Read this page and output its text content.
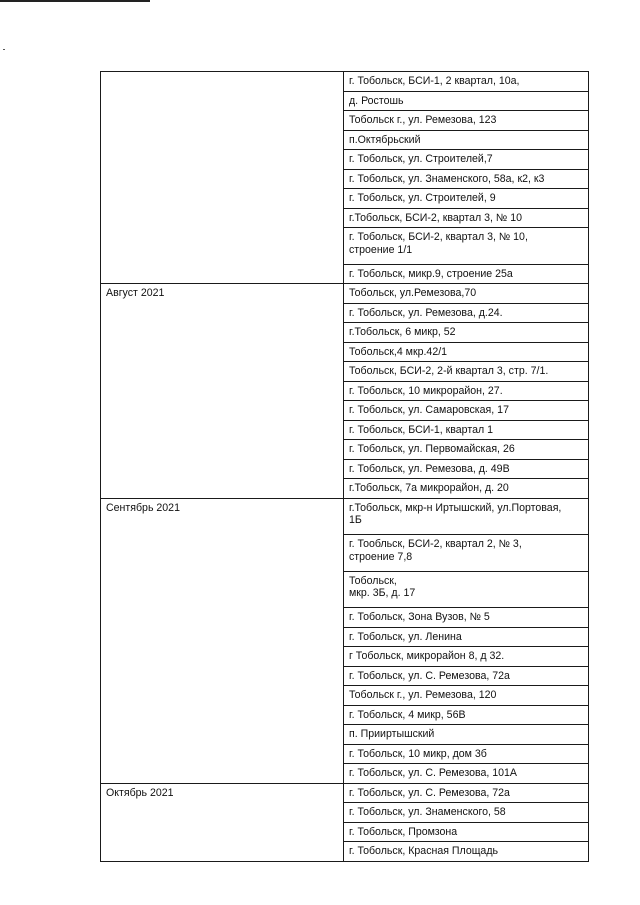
	г. Тобольск, БСИ-1, 2 квартал, 10а,
	д. Ростошь
	Тобольск г., ул. Ремезова, 123
	п.Октябрьский
	г. Тобольск, ул. Строителей,7
	г. Тобольск, ул. Знаменского, 58а, к2, к3
	г. Тобольск, ул. Строителей, 9
	г.Тобольск, БСИ-2, квартал 3, № 10
	г. Тобольск, БСИ-2, квартал 3, № 10,
строение 1/1
	г. Тобольск, микр.9, строение 25а
Август 2021	Тобольск, ул.Ремезова,70
	г. Тобольск, ул. Ремезова, д.24.
	г.Тобольск, 6 микр, 52
	Тобольск,4 мкр.42/1
	Тобольск, БСИ-2, 2-й квартал 3, стр. 7/1.
	г. Тобольск, 10 микрорайон, 27.
	г. Тобольск, ул. Самаровская, 17
	г. Тобольск, БСИ-1, квартал 1
	г. Тобольск, ул. Первомайская, 26
	г. Тобольск, ул. Ремезова, д. 49В
	г.Тобольск, 7а микрорайон, д. 20
Сентябрь 2021	г.Тобольск, мкр-н Иртышский, ул.Портовая,
1Б
	г. Тообльск, БСИ-2, квартал 2, № 3,
строение 7,8
	Тобольск,
мкр. 3Б, д. 17
	г. Тобольск, Зона Вузов, № 5
	г. Тобольск, ул. Ленина
	г Тобольск, микрорайон 8, д 32.
	г. Тобольск, ул. С. Ремезова, 72а
	Тобольск г., ул. Ремезова, 120
	г. Тобольск, 4 микр, 56В
	п. Прииртышский
	г. Тобольск, 10 микр, дом 3б
	г. Тобольск, ул. С. Ремезова, 101А
Октябрь 2021	г. Тобольск, ул. С. Ремезова, 72а
	г. Тобольск, ул. Знаменского, 58
	г. Тобольск, Промзона
	г. Тобольск, Красная Площадь
